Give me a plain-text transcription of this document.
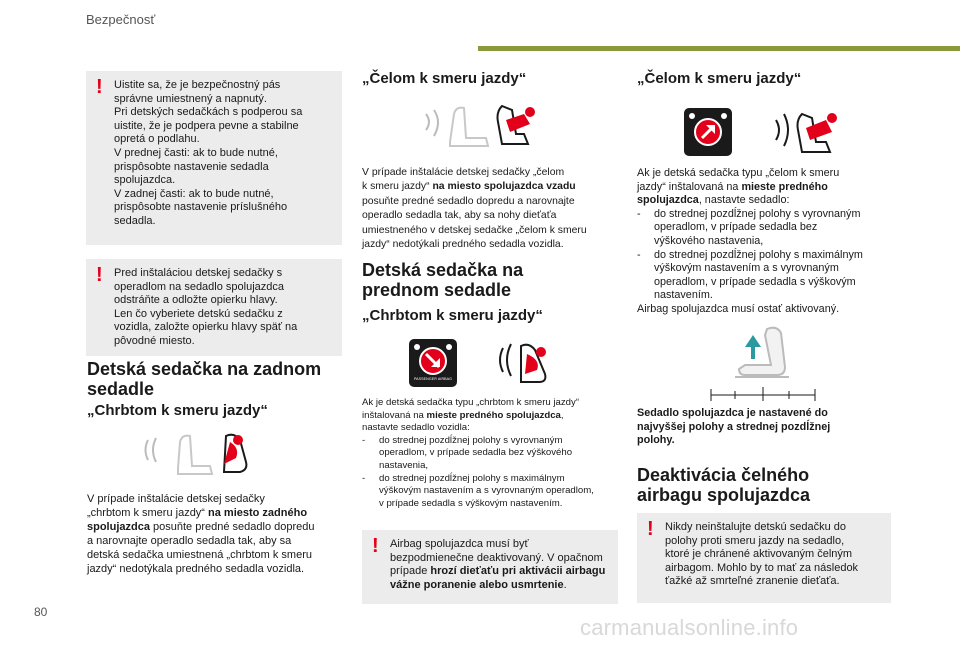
Bezpečnosť
80
carmanualsonline.info
! Uistite sa, že je bezpečnostný pás
správne umiestnený a napnutý.
Pri detských sedačkách s podperou sa
uistite, že je podpera pevne a stabilne
opretá o podlahu.
V prednej časti: ak to bude nutné,
prispôsobte nastavenie sedadla
spolujazdca.
V zadnej časti: ak to bude nutné,
prispôsobte nastavenie príslušného
sedadla.
! Pred inštaláciou detskej sedačky s
operadlom na sedadlo spolujazdca
odstráňte a odložte opierku hlavy.
Len čo vyberiete detskú sedačku z
vozidla, založte opierku hlavy späť na
pôvodné miesto.
Detská sedačka na zadnom
sedadle
„Chrbtom k smeru jazdy“
V prípade inštalácie detskej sedačky
„chrbtom k smeru jazdy“ na miesto zadného
spolujazdca posuňte predné sedadlo dopredu
a narovnajte operadlo sedadla tak, aby sa
detská sedačka umiestnená „chrbtom k smeru
jazdy“ nedotýkala predného sedadla vozidla.
„Čelom k smeru jazdy“
V prípade inštalácie detskej sedačky „čelom
k smeru jazdy“ na miesto spolujazdca vzadu
posuňte predné sedadlo dopredu a narovnajte
operadlo sedadla tak, aby sa nohy dieťaťa
umiestneného v detskej sedačke „čelom k smeru
jazdy“ nedotýkali predného sedadla vozidla.
Detská sedačka na
prednom sedadle
„Chrbtom k smeru jazdy“
PASSENGER AIRBAG
Ak je detská sedačka typu „chrbtom k smeru jazdy“
inštalovaná na mieste predného spolujazdca,
nastavte sedadlo vozidla:
- do strednej pozdĺžnej polohy s vyrovnaným
operadlom, v prípade sedadla bez výškového
nastavenia,
- do strednej pozdĺžnej polohy s maximálnym
výškovým nastavením a s vyrovnaným operadlom,
v prípade sedadla s výškovým nastavením.
! Airbag spolujazdca musí byť
bezpodmienečne deaktivovaný. V opačnom
prípade hrozí dieťaťu pri aktivácii airbagu
vážne poranenie alebo usmrtenie.
„Čelom k smeru jazdy“
Ak je detská sedačka typu „čelom k smeru
jazdy“ inštalovaná na mieste predného
spolujazdca, nastavte sedadlo:
- do strednej pozdĺžnej polohy s vyrovnaným
operadlom, v prípade sedadla bez
výškového nastavenia,
- do strednej pozdĺžnej polohy s maximálnym
výškovým nastavením a s vyrovnaným
operadlom, v prípade sedadla s výškovým
nastavením.
Airbag spolujazdca musí ostať aktivovaný.
Sedadlo spolujazdca je nastavené do
najvyššej polohy a strednej pozdĺžnej
polohy.
Deaktivácia čelného
airbagu spolujazdca
! Nikdy neinštalujte detskú sedačku do
polohy proti smeru jazdy na sedadlo,
ktoré je chránené aktivovaným čelným
airbagom. Mohlo by to mať za následok
ťažké až smrteľné zranenie dieťaťa.
